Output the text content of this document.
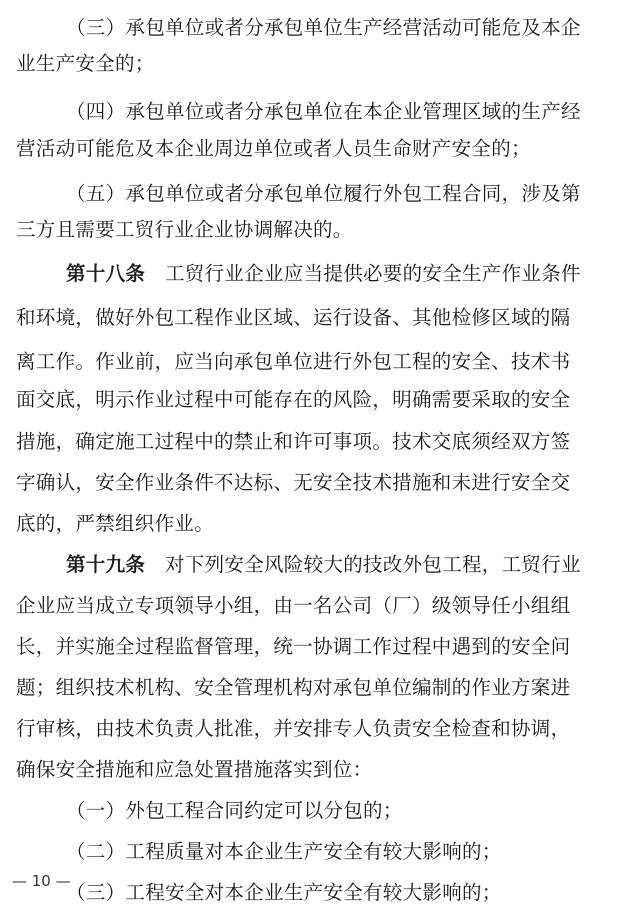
（三）承包单位或者分承包单位生产经营活动可能危及本企
业生产安全的；
（四）承包单位或者分承包单位在本企业管理区域的生产经
营活动可能危及本企业周边单位或者人员生命财产安全的；
（五）承包单位或者分承包单位履行外包工程合同，涉及第
三方且需要工贸行业企业协调解决的。
第十八条　工贸行业企业应当提供必要的安全生产作业条件
和环境，做好外包工程作业区域、运行设备、其他检修区域的隔
离工作。作业前，应当向承包单位进行外包工程的安全、技术书
面交底，明示作业过程中可能存在的风险，明确需要采取的安全
措施，确定施工过程中的禁止和许可事项。技术交底须经双方签
字确认，安全作业条件不达标、无安全技术措施和未进行安全交
底的，严禁组织作业。
第十九条　对下列安全风险较大的技改外包工程，工贸行业
企业应当成立专项领导小组，由一名公司（厂）级领导任小组组
长，并实施全过程监督管理，统一协调工作过程中遇到的安全问
题；组织技术机构、安全管理机构对承包单位编制的作业方案进
行审核，由技术负责人批准，并安排专人负责安全检查和协调，
确保安全措施和应急处置措施落实到位：
（一）外包工程合同约定可以分包的；
（二）工程质量对本企业生产安全有较大影响的；
（三）工程安全对本企业生产安全有较大影响的；
— 10 —
